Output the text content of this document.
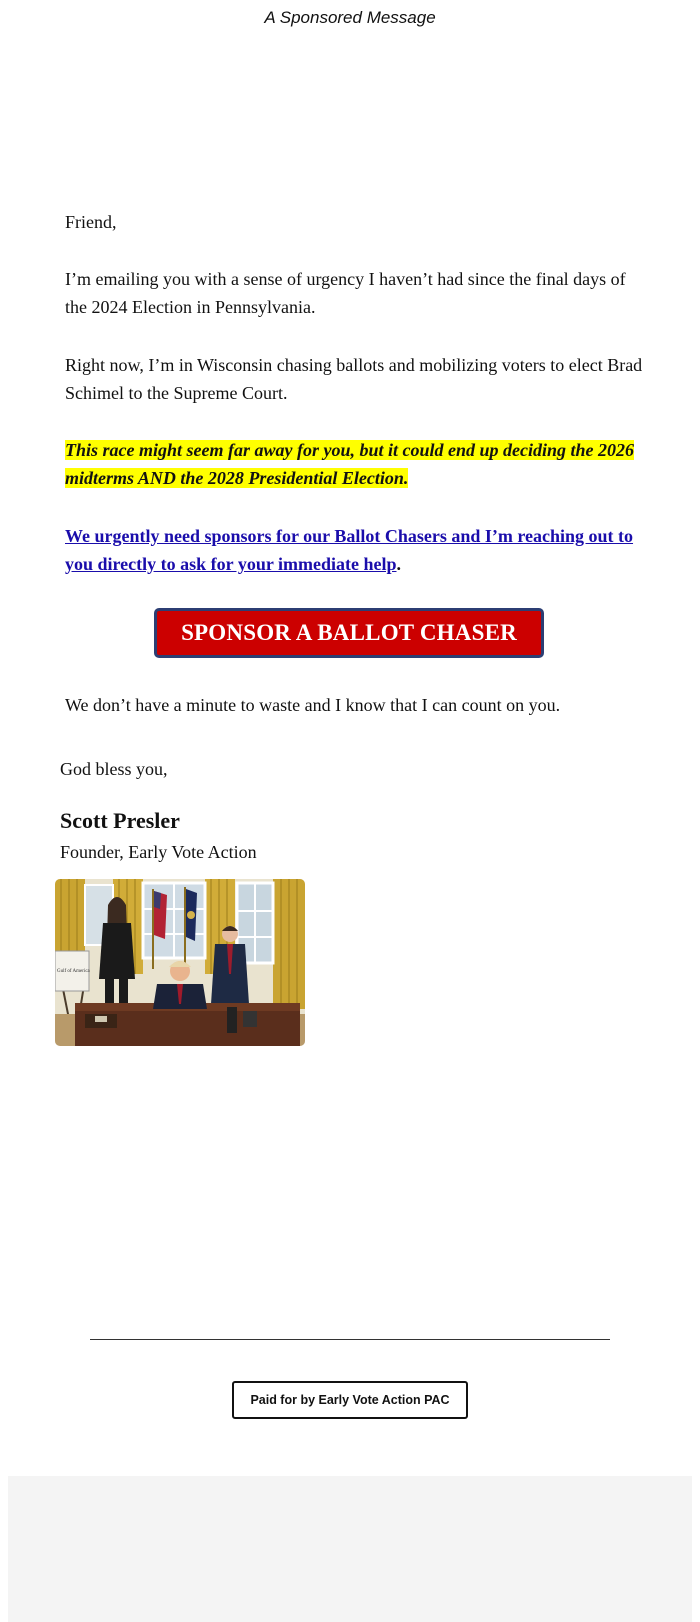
A Sponsored Message
Friend,
I’m emailing you with a sense of urgency I haven’t had since the final days of the 2024 Election in Pennsylvania.
Right now, I’m in Wisconsin chasing ballots and mobilizing voters to elect Brad Schimel to the Supreme Court.
This race might seem far away for you, but it could end up deciding the 2026 midterms AND the 2028 Presidential Election.
We urgently need sponsors for our Ballot Chasers and I’m reaching out to you directly to ask for your immediate help.
SPONSOR A BALLOT CHASER
We don’t have a minute to waste and I know that I can count on you.
God bless you,
Scott Presler
Founder, Early Vote Action
Gulf of America
Paid for by Early Vote Action PAC
